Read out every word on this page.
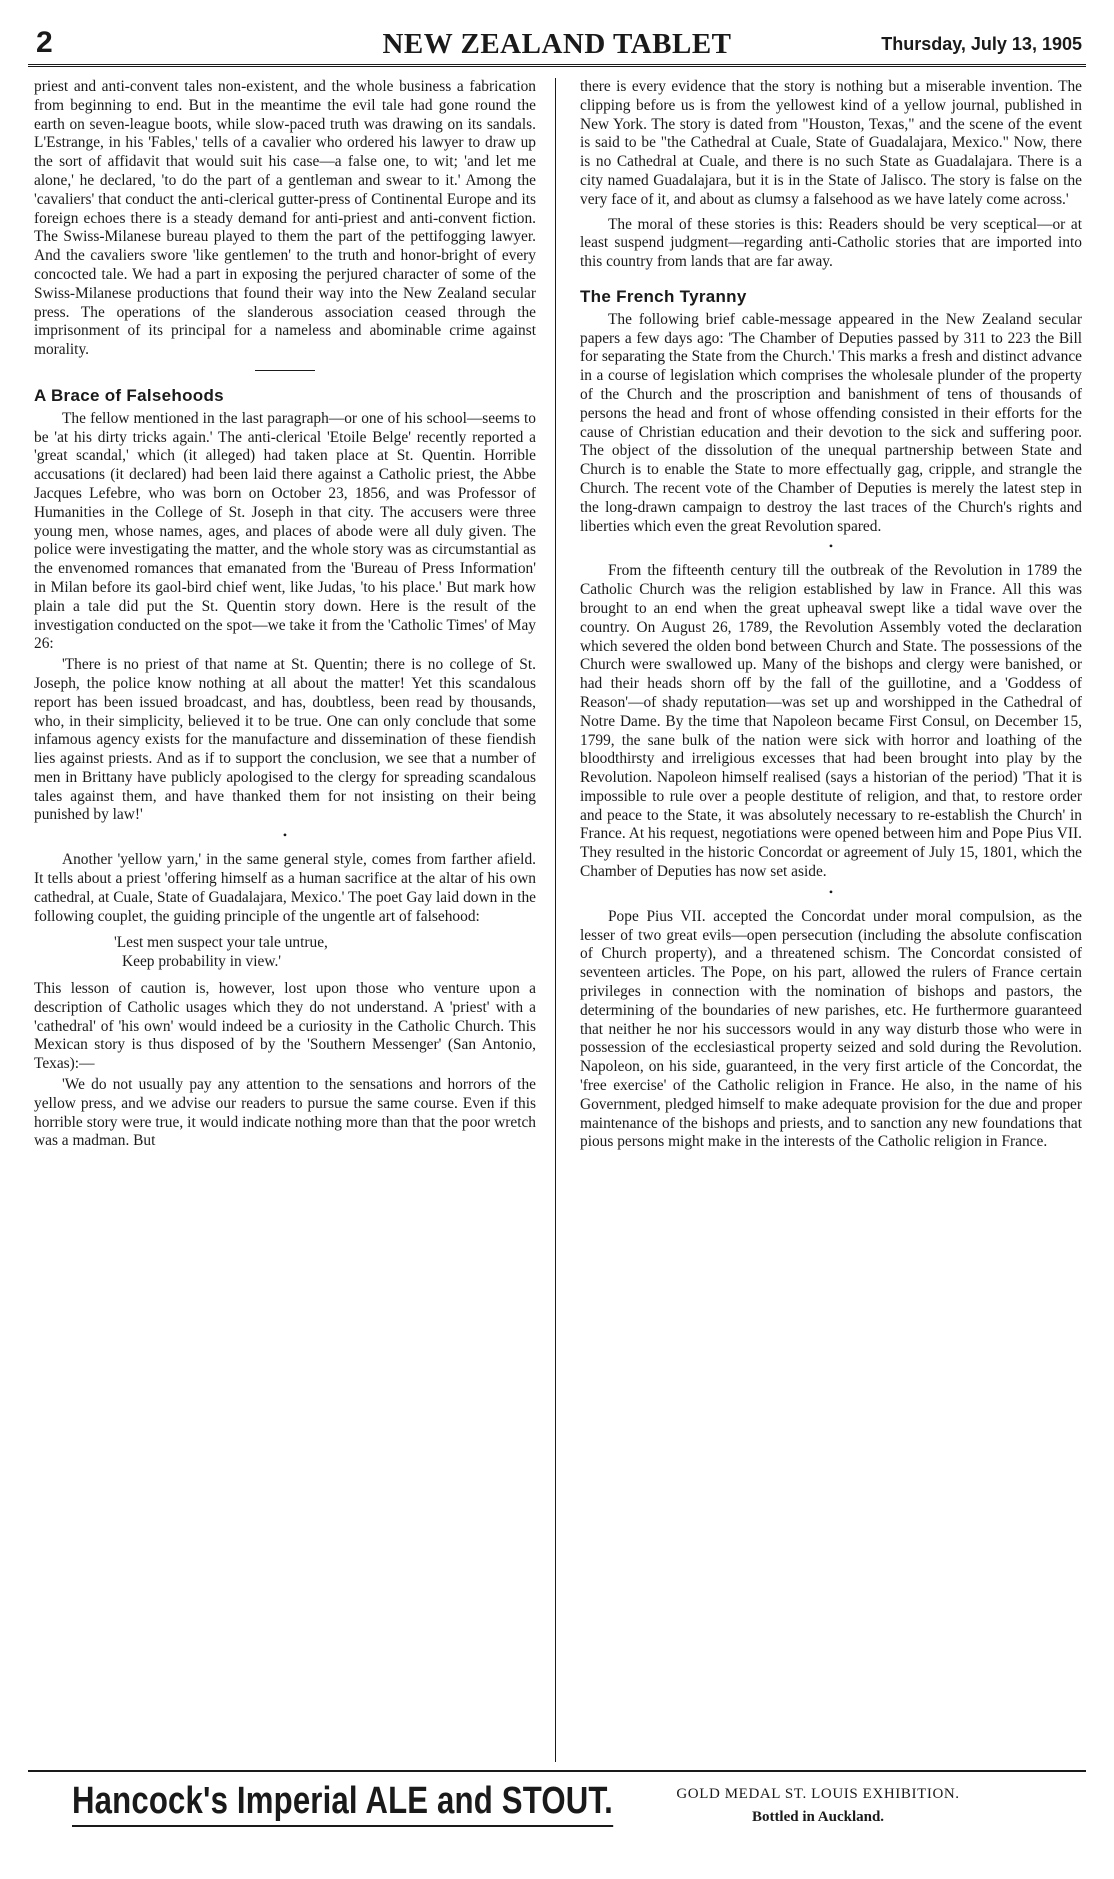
2	NEW ZEALAND TABLET	Thursday, July 13, 1905

priest and anti-convent tales non-existent, and the whole business a fabrication from beginning to end. But in the meantime the evil tale had gone round the earth on seven-league boots, while slow-paced truth was drawing on its sandals. L'Estrange, in his 'Fables,' tells of a cavalier who ordered his lawyer to draw up the sort of affidavit that would suit his case—a false one, to wit; 'and let me alone,' he declared, 'to do the part of a gentleman and swear to it.' Among the 'cavaliers' that conduct the anti-clerical gutter-press of Continental Europe and its foreign echoes there is a steady demand for anti-priest and anti-convent fiction. The Swiss-Milanese bureau played to them the part of the pettifogging lawyer. And the cavaliers swore 'like gentlemen' to the truth and honor-bright of every concocted tale. We had a part in exposing the perjured character of some of the Swiss-Milanese productions that found their way into the New Zealand secular press. The operations of the slanderous association ceased through the imprisonment of its principal for a nameless and abominable crime against morality.

A Brace of Falsehoods

The fellow mentioned in the last paragraph—or one of his school—seems to be 'at his dirty tricks again.' The anti-clerical 'Etoile Belge' recently reported a 'great scandal,' which (it alleged) had taken place at St. Quentin. Horrible accusations (it declared) had been laid there against a Catholic priest, the Abbe Jacques Lefebre, who was born on October 23, 1856, and was Professor of Humanities in the College of St. Joseph in that city. The accusers were three young men, whose names, ages, and places of abode were all duly given. The police were investigating the matter, and the whole story was as circumstantial as the envenomed romances that emanated from the 'Bureau of Press Information' in Milan before its gaol-bird chief went, like Judas, 'to his place.' But mark how plain a tale did put the St. Quentin story down. Here is the result of the investigation conducted on the spot—we take it from the 'Catholic Times' of May 26:

'There is no priest of that name at St. Quentin; there is no college of St. Joseph, the police know nothing at all about the matter! Yet this scandalous report has been issued broadcast, and has, doubtless, been read by thousands, who, in their simplicity, believed it to be true. One can only conclude that some infamous agency exists for the manufacture and dissemination of these fiendish lies against priests. And as if to support the conclusion, we see that a number of men in Brittany have publicly apologised to the clergy for spreading scandalous tales against them, and have thanked them for not insisting on their being punished by law!'

•

Another 'yellow yarn,' in the same general style, comes from farther afield. It tells about a priest 'offering himself as a human sacrifice at the altar of his own cathedral, at Cuale, State of Guadalajara, Mexico.' The poet Gay laid down in the following couplet, the guiding principle of the ungentle art of falsehood:

'Lest men suspect your tale untrue,
Keep probability in view.'

This lesson of caution is, however, lost upon those who venture upon a description of Catholic usages which they do not understand. A 'priest' with a 'cathedral' of 'his own' would indeed be a curiosity in the Catholic Church. This Mexican story is thus disposed of by the 'Southern Messenger' (San Antonio, Texas):—

'We do not usually pay any attention to the sensations and horrors of the yellow press, and we advise our readers to pursue the same course. Even if this horrible story were true, it would indicate nothing more than that the poor wretch was a madman. But

there is every evidence that the story is nothing but a miserable invention. The clipping before us is from the yellowest kind of a yellow journal, published in New York. The story is dated from "Houston, Texas," and the scene of the event is said to be "the Cathedral at Cuale, State of Guadalajara, Mexico." Now, there is no Cathedral at Cuale, and there is no such State as Guadalajara. There is a city named Guadalajara, but it is in the State of Jalisco. The story is false on the very face of it, and about as clumsy a falsehood as we have lately come across.'

The moral of these stories is this: Readers should be very sceptical—or at least suspend judgment—regarding anti-Catholic stories that are imported into this country from lands that are far away.

The French Tyranny

The following brief cable-message appeared in the New Zealand secular papers a few days ago: 'The Chamber of Deputies passed by 311 to 223 the Bill for separating the State from the Church.' This marks a fresh and distinct advance in a course of legislation which comprises the wholesale plunder of the property of the Church and the proscription and banishment of tens of thousands of persons the head and front of whose offending consisted in their efforts for the cause of Christian education and their devotion to the sick and suffering poor. The object of the dissolution of the unequal partnership between State and Church is to enable the State to more effectually gag, cripple, and strangle the Church. The recent vote of the Chamber of Deputies is merely the latest step in the long-drawn campaign to destroy the last traces of the Church's rights and liberties which even the great Revolution spared.

•

From the fifteenth century till the outbreak of the Revolution in 1789 the Catholic Church was the religion established by law in France. All this was brought to an end when the great upheaval swept like a tidal wave over the country. On August 26, 1789, the Revolution Assembly voted the declaration which severed the olden bond between Church and State. The possessions of the Church were swallowed up. Many of the bishops and clergy were banished, or had their heads shorn off by the fall of the guillotine, and a 'Goddess of Reason'—of shady reputation—was set up and worshipped in the Cathedral of Notre Dame. By the time that Napoleon became First Consul, on December 15, 1799, the sane bulk of the nation were sick with horror and loathing of the bloodthirsty and irreligious excesses that had been brought into play by the Revolution. Napoleon himself realised (says a historian of the period) 'That it is impossible to rule over a people destitute of religion, and that, to restore order and peace to the State, it was absolutely necessary to re-establish the Church' in France. At his request, negotiations were opened between him and Pope Pius VII. They resulted in the historic Concordat or agreement of July 15, 1801, which the Chamber of Deputies has now set aside.

•

Pope Pius VII. accepted the Concordat under moral compulsion, as the lesser of two great evils—open persecution (including the absolute confiscation of Church property), and a threatened schism. The Concordat consisted of seventeen articles. The Pope, on his part, allowed the rulers of France certain privileges in connection with the nomination of bishops and pastors, the determining of the boundaries of new parishes, etc. He furthermore guaranteed that neither he nor his successors would in any way disturb those who were in possession of the ecclesiastical property seized and sold during the Revolution. Napoleon, on his side, guaranteed, in the very first article of the Concordat, the 'free exercise' of the Catholic religion in France. He also, in the name of his Government, pledged himself to make adequate provision for the due and proper maintenance of the bishops and priests, and to sanction any new foundations that pious persons might make in the interests of the Catholic religion in France.

Hancock's Imperial ALE and STOUT.	GOLD MEDAL ST. LOUIS EXHIBITION.
Bottled in Auckland.
